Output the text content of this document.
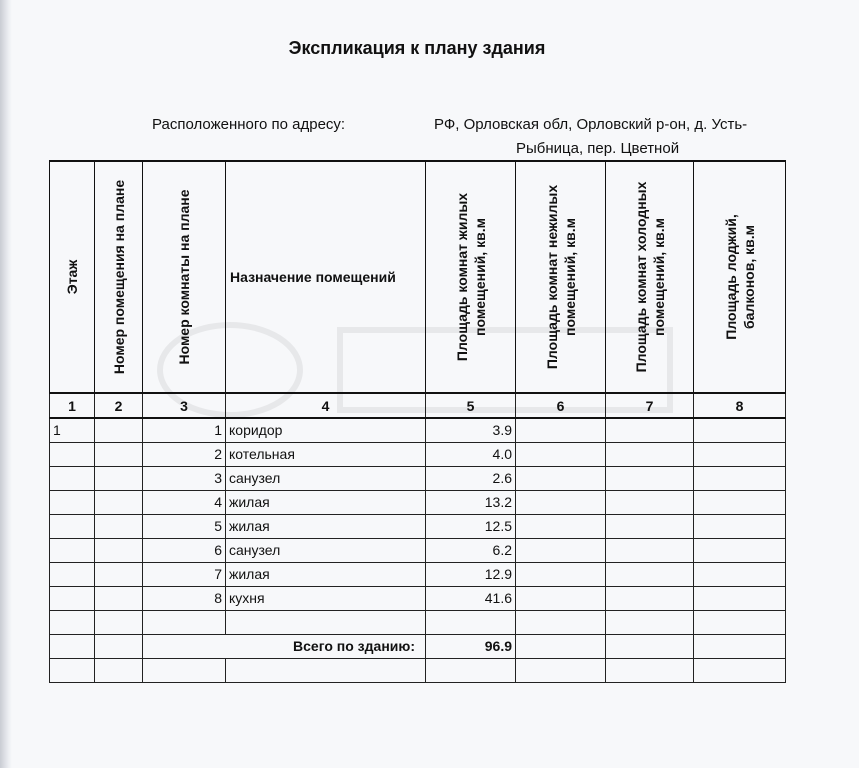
Экспликация к плану здания
Расположенного по адресу:	РФ, Орловская обл, Орловский р-он, д. Усть-
Рыбница, пер. Цветной
Этаж	Номер помещения на плане	Номер комнаты на плане	Назначение помещений	Площадь комнат жилых помещений, кв.м	Площадь комнат нежилых помещений, кв.м	Площадь комнат холодных помещений, кв.м	Площадь лоджий, балконов, кв.м

1	2	3	4	5	6	7	8
1		1	коридор	3.9			
		2	котельная	4.0			
		3	санузел	2.6			
		4	жилая	13.2			
		5	жилая	12.5			
		6	санузел	6.2			
		7	жилая	12.9			
		8	кухня	41.6			

		Всего по зданию:		96.9			
